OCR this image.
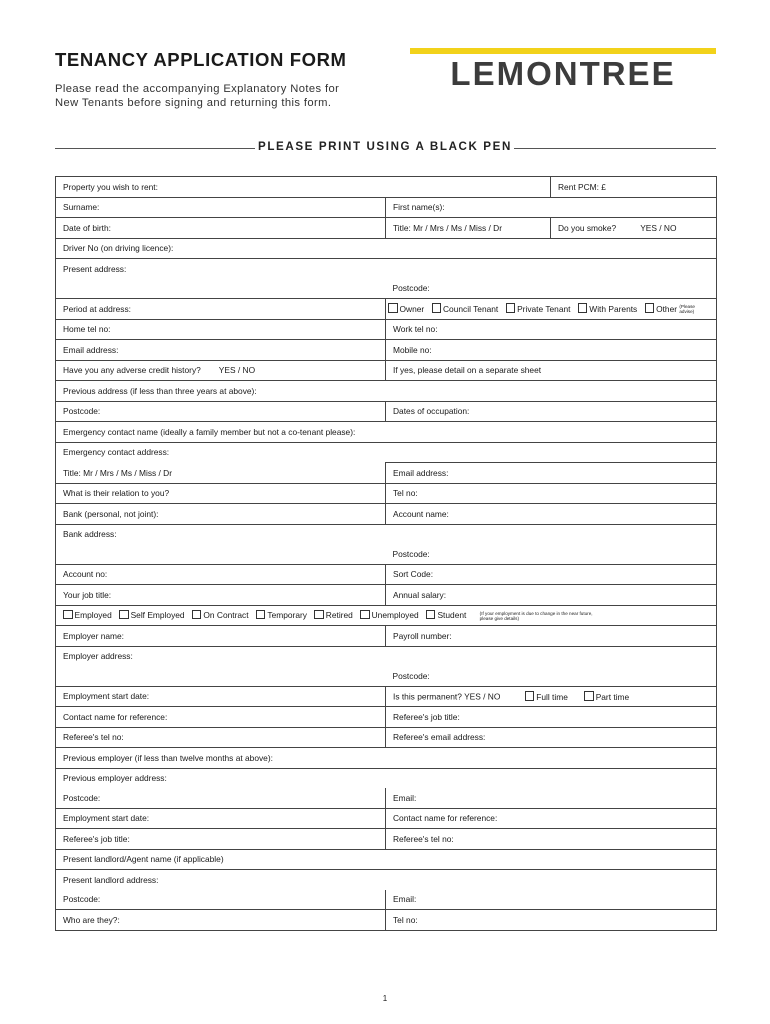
TENANCY APPLICATION FORM

Please read the accompanying Explanatory Notes for New Tenants before signing and returning this form.

LEMONTREE
PLEASE PRINT USING A BLACK PEN
Property you wish to rent:		Rent PCM: £
Surname:	First name(s):	
Date of birth:	Title: Mr / Mrs / Ms / Miss / Dr	Do you smoke? YES / NO
Driver No (on driving licence):		
Present address:		
	Postcode:	
Period at address:	Owner Council Tenant Private Tenant With Parents Other (Please advise)	
Home tel no:	Work tel no:	
Email address:	Mobile no:	
Have you any adverse credit history? YES / NO	If yes, please detail on a separate sheet	
Previous address (if less than three years at above):		
Postcode:	Dates of occupation:	
Emergency contact name (ideally a family member but not a co-tenant please):		
Emergency contact address:		
Title: Mr / Mrs / Ms / Miss / Dr	Email address:	
What is their relation to you?	Tel no:	
Bank (personal, not joint):	Account name:	
Bank address:		
	Postcode:	
Account no:	Sort Code:	
Your job title:	Annual salary:	
Employed Self Employed On Contract Temporary Retired Unemployed Student (If your employment is due to change in the near future, please give details)		
Employer name:	Payroll number:	
Employer address:		
	Postcode:	
Employment start date:	Is this permanent? YES / NO Full time Part time	
Contact name for reference:	Referee's job title:	
Referee's tel no:	Referee's email address:	
Previous employer (if less than twelve months at above):		
Previous employer address:		
Postcode:	Email:	
Employment start date:	Contact name for reference:	
Referee's job title:	Referee's tel no:	
Present landlord/Agent name (if applicable)		
Present landlord address:		
Postcode:	Email:	
Who are they?:	Tel no:	
1
